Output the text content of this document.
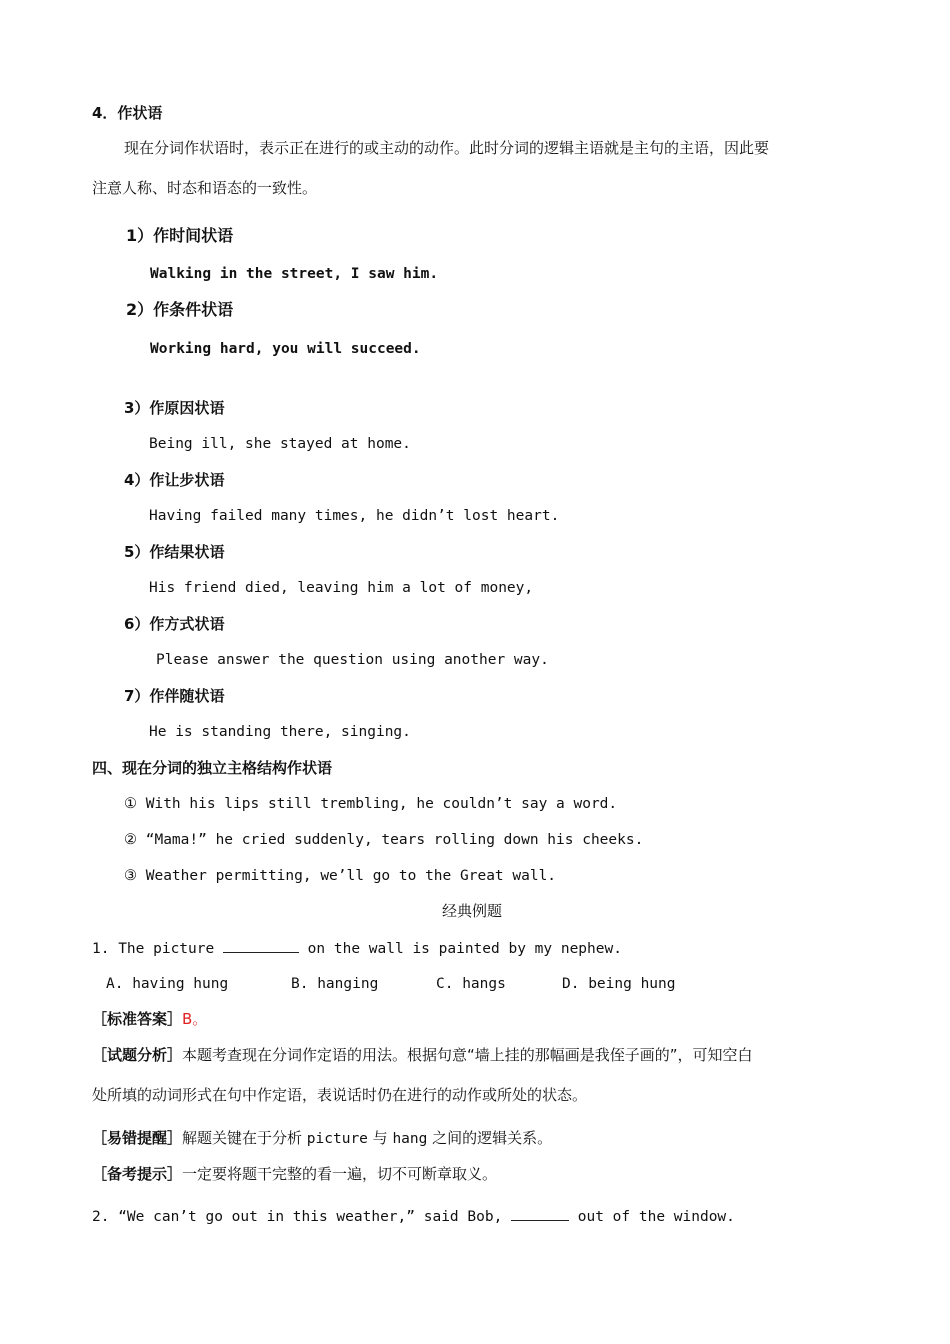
4．作状语
现在分词作状语时，表示正在进行的或主动的动作。此时分词的逻辑主语就是主句的主语，因此要
注意人称、时态和语态的一致性。
1）作时间状语
Walking in the street, I saw him.
2）作条件状语
Working hard, you will succeed.
3）作原因状语
Being ill, she stayed at home.
4）作让步状语
Having failed many times, he didn’t lost heart.
5）作结果状语
His friend died, leaving him a lot of money,
6）作方式状语
Please answer the question using another way.
7）作伴随状语
He is standing there, singing.
四、现在分词的独立主格结构作状语
① With his lips still trembling, he couldn’t say a word.
② “Mama!” he cried suddenly, tears rolling down his cheeks.
③ Weather permitting, we’ll go to the Great wall.
经典例题
1. The picture	on the wall is painted by my nephew.
A. having hung	B. hanging	C. hangs	D. being hung
［标准答案］B。
［试题分析］本题考查现在分词作定语的用法。根据句意“墙上挂的那幅画是我侄子画的”，可知空白
处所填的动词形式在句中作定语，表说话时仍在进行的动作或所处的状态。
［易错提醒］解题关键在于分析 picture 与 hang 之间的逻辑关系。
［备考提示］一定要将题干完整的看一遍，切不可断章取义。
2. “We can’t go out in this weather,” said Bob,	out of the window.
